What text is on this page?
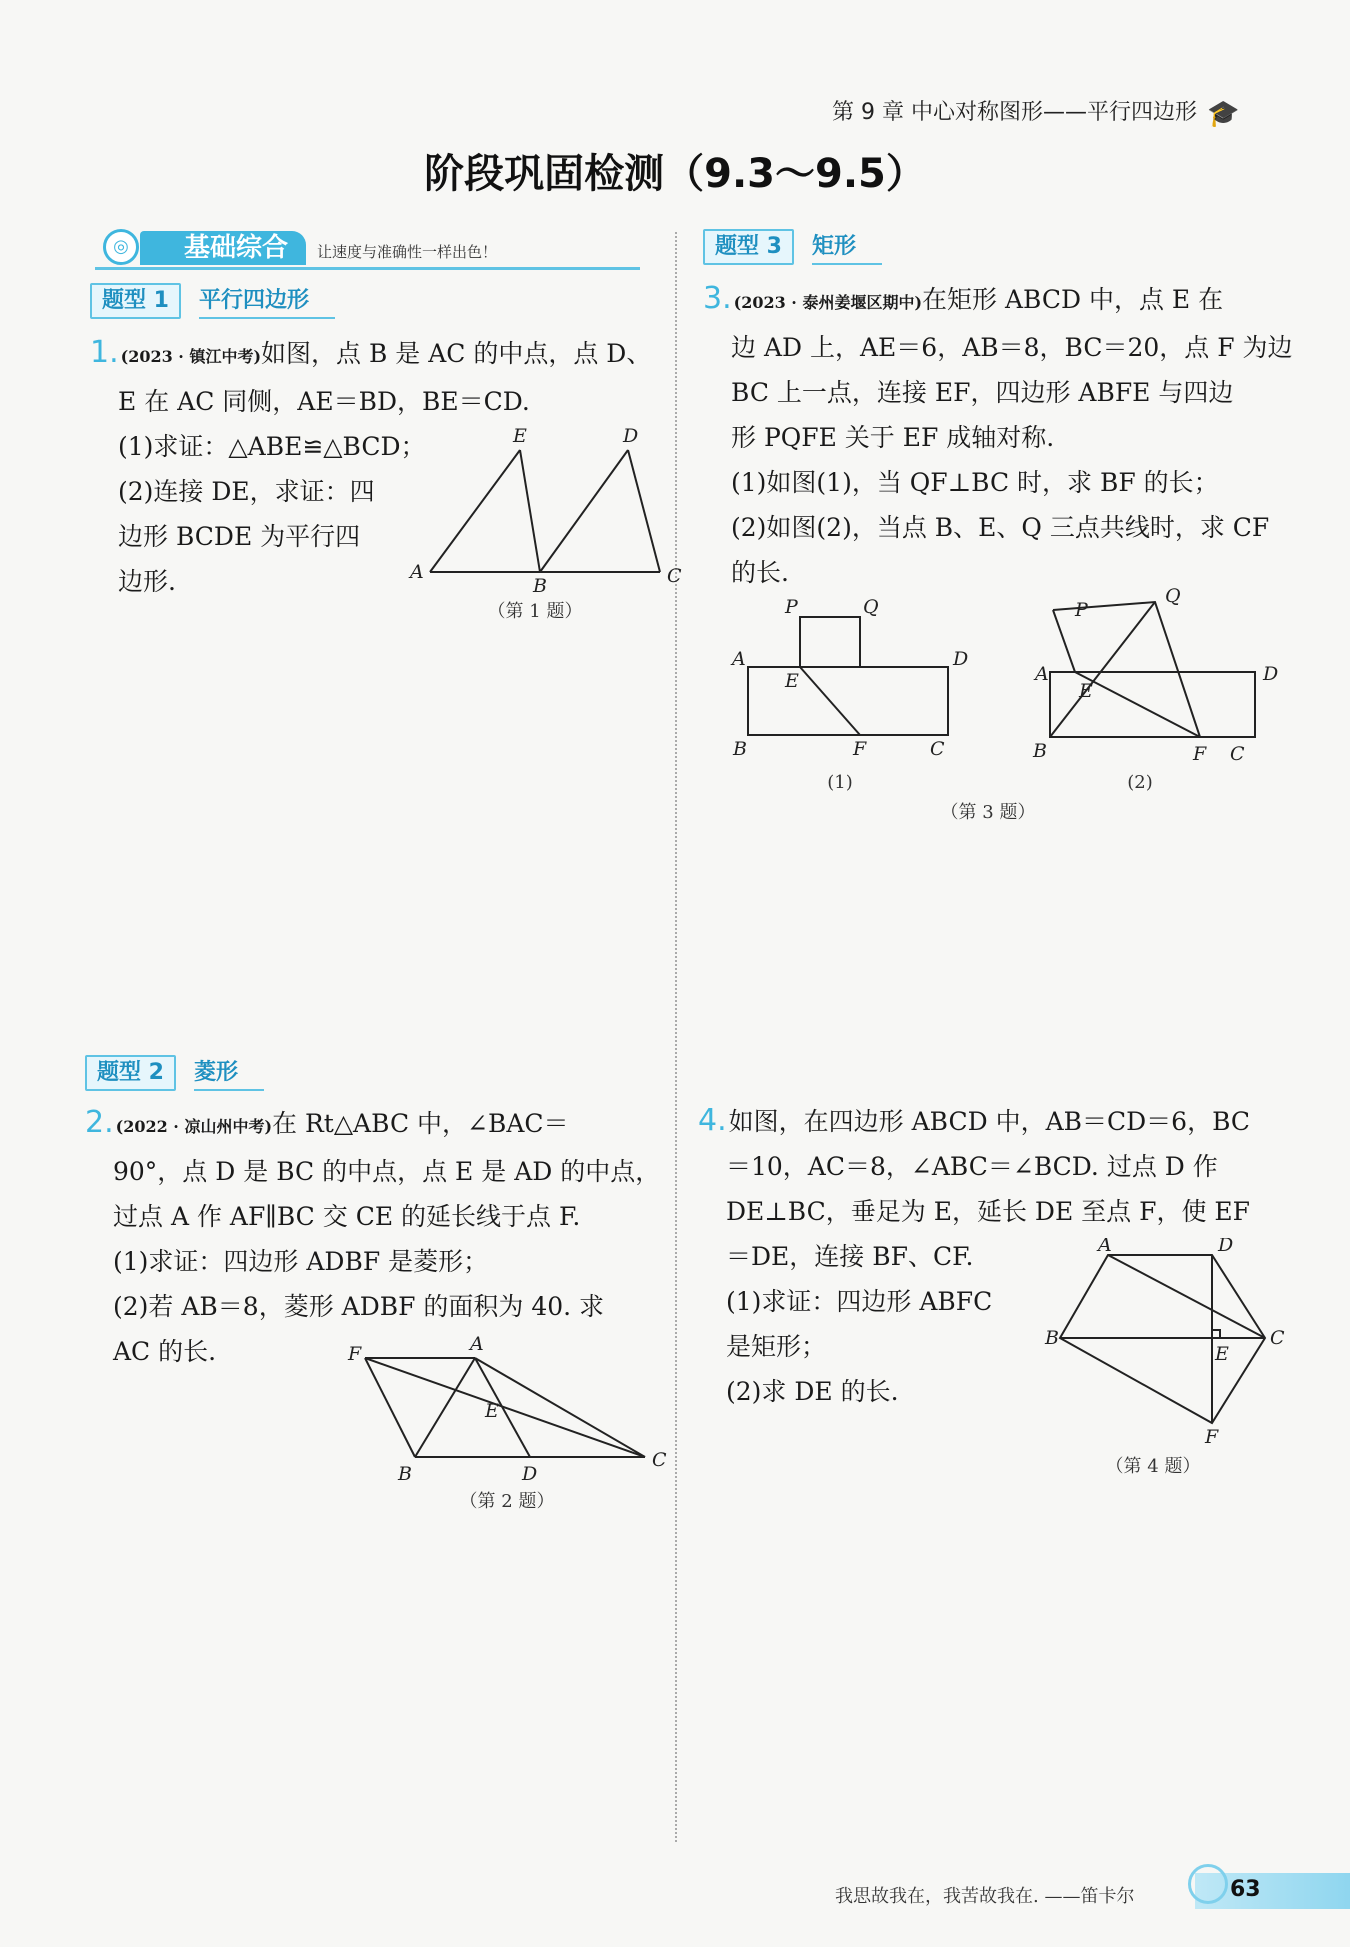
第 9 章 中心对称图形——平行四边形 🎓
阶段巩固检测（9.3～9.5）
◎	基础综合	让速度与准确性一样出色！
题型 1 平行四边形

1. (2023 · 镇江中考)如图，点 B 是 AC 的中点，点 D、

E 在 AC 同侧，AE＝BD，BE＝CD.

(1)求证：△ABE≌△BCD；

(2)连接 DE，求证：四

边形 BCDE 为平行四

边形.	A
B	C
D
E
（第 1 题）
题型 2 菱形

2. (2022 · 凉山州中考)在 Rt△ABC 中，∠BAC＝

90°，点 D 是 BC 的中点，点 E 是 AD 的中点，

过点 A 作 AF∥BC 交 CE 的延长线于点 F.

(1)求证：四边形 ADBF 是菱形；

(2)若 AB＝8，菱形 ADBF 的面积为 40. 求

AC 的长.	F	A
E
B	D
C
（第 2 题）
题型 3 矩形

3. (2023 · 泰州姜堰区期中)在矩形 ABCD 中，点 E 在

边 AD 上，AE＝6，AB＝8，BC＝20，点 F 为边

BC 上一点，连接 EF，四边形 ABFE 与四边

形 PQFE 关于 EF 成轴对称.

(1)如图(1)，当 QF⊥BC 时，求 BF 的长；

(2)如图(2)，当点 B、E、Q 三点共线时，求 CF

的长.

P	Q
A
E
D
B	F	C
(1)
P
Q
A
E
D
B	F C
(2)
（第 3 题）

4.如图，在四边形 ABCD 中，AB＝CD＝6，BC

＝10，AC＝8，∠ABC＝∠BCD. 过点 D 作

DE⊥BC，垂足为 E，延长 DE 至点 F，使 EF

＝DE，连接 BF、CF.

(1)求证：四边形 ABFC

是矩形；

(2)求 DE 的长.

A	D
B
E
C
F
（第 4 题）
我思故我在，我苦故我在. ——笛卡尔	63
